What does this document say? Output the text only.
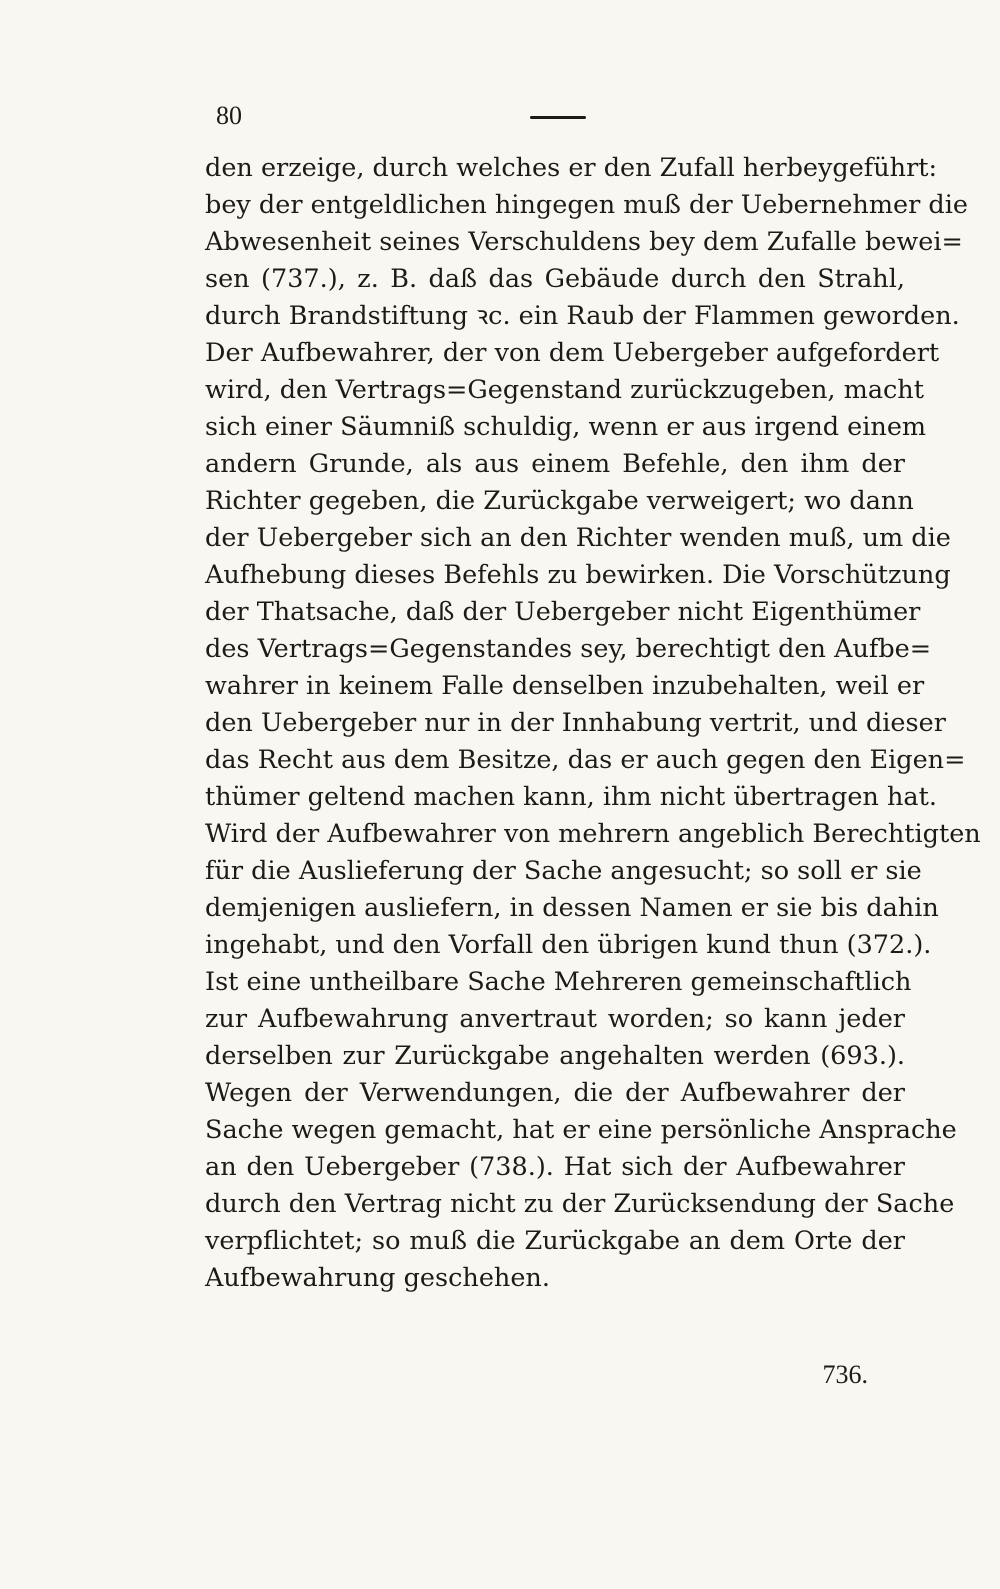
80
den erzeige, durch welches er den Zufall herbeygeführt:
bey der entgeldlichen hingegen muß der Uebernehmer die
Abwesenheit seines Verschuldens bey dem Zufalle bewei=
sen (737.), z. B. daß das Gebäude durch den Strahl,
durch Brandstiftung ꝛc. ein Raub der Flammen geworden.
Der Aufbewahrer, der von dem Uebergeber aufgefordert
wird, den Vertrags=Gegenstand zurückzugeben, macht
sich einer Säumniß schuldig, wenn er aus irgend einem
andern Grunde, als aus einem Befehle, den ihm der
Richter gegeben, die Zurückgabe verweigert; wo dann
der Uebergeber sich an den Richter wenden muß, um die
Aufhebung dieses Befehls zu bewirken. Die Vorschützung
der Thatsache, daß der Uebergeber nicht Eigenthümer
des Vertrags=Gegenstandes sey, berechtigt den Aufbe=
wahrer in keinem Falle denselben inzubehalten, weil er
den Uebergeber nur in der Innhabung vertrit, und dieser
das Recht aus dem Besitze, das er auch gegen den Eigen=
thümer geltend machen kann, ihm nicht übertragen hat.
Wird der Aufbewahrer von mehrern angeblich Berechtigten
für die Auslieferung der Sache angesucht; so soll er sie
demjenigen ausliefern, in dessen Namen er sie bis dahin
ingehabt, und den Vorfall den übrigen kund thun (372.).
Ist eine untheilbare Sache Mehreren gemeinschaftlich
zur Aufbewahrung anvertraut worden; so kann jeder
derselben zur Zurückgabe angehalten werden (693.).
Wegen der Verwendungen, die der Aufbewahrer der
Sache wegen gemacht, hat er eine persönliche Ansprache
an den Uebergeber (738.). Hat sich der Aufbewahrer
durch den Vertrag nicht zu der Zurücksendung der Sache
verpflichtet; so muß die Zurückgabe an dem Orte der
Aufbewahrung geschehen.
736.
